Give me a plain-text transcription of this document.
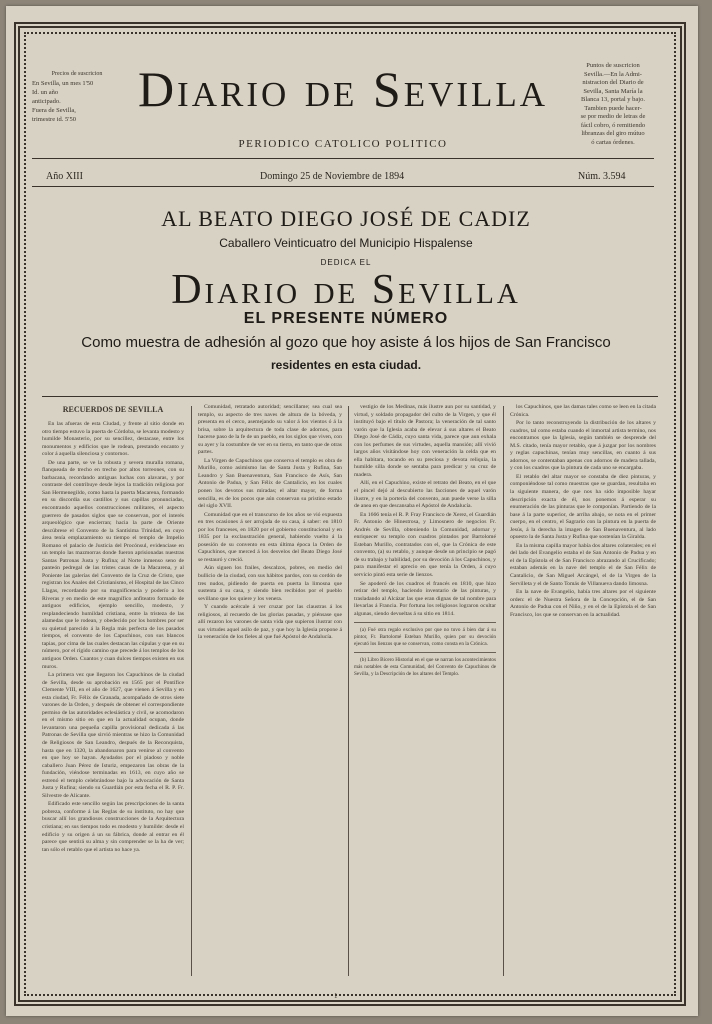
Precios de suscricion
En Sevilla, un mes 1'50
Id. un año
anticipado.
Fuera de Sevilla,
trimestre id. 5'50
Diario de Sevilla
PERIODICO CATOLICO POLITICO
Puntos de suscricion
Sevilla.—En la Admi-
nistracion del Diario de
Sevilla, Santa María la
Blanca 13, portal y bajo.
Tambien puede hacer-
se por medio de letras de
fácil cobro, ó remitiendo
libranzas del giro mútuo
ó cartas órdenes.
Año XIII	Domingo 25 de Noviembre de 1894	Núm. 3.594
AL BEATO DIEGO JOSÉ DE CADIZ
Caballero Veinticuatro del Municipio Hispalense
DEDICA EL
Diario de Sevilla
EL PRESENTE NÚMERO
Como muestra de adhesión al gozo que hoy asiste á los hijos de San Francisco
residentes en esta ciudad.

RECUERDOS DE SEVILLA

En las afueras de esta Ciudad, y frente al sitio donde en otro tiempo estuvo la puerta de Córdoba, se levanta modesto y humilde Monasterio, por su sencillez, destacase, entre los monumentos y edificios que le rodean, prestando encanto y color á aquella silenciosa y contornos.

De una parte, se ve la robusta y severa muralla romana, flanqueada de trecho en trecho por altos torreones, con su barbacana, recordando antiguas luchas con alavaras, y por contraste del contribuye desde lejos la tradición religiosa por San Hermenegildo, como hasta la puerta Macarena, formando en su discordia sus castillos y sus capillas pronunciadas, encontrando aquellos construcciones militares, el aspecto guerrero de pasados siglos que se conservan, por el interés arqueológico que encierran; hacia la parte de Oriente descúbrese el Convento de la Santísima Trinidad, en cuyo área tenía emplazamiento su tiempo el templo de Impelio Romano el palacio de Justicia del Procónsul, evidenciase en un templo las mazmorras donde fueron aprisionadas nuestras Santas Patronas Justa y Rufina; al Norte inmenso seno de panteón pedregal de las tristes casas de la Macarena, y al Poniente las galerías del Convento de la Cruz de Cristo, que registran los Anales del Cristianismo, el Hospital de las Cinco Llagas, recordando por su magnificencia y poderío a los Riveras y en medio de este magnífico anfiteatro formado de antiguos edificios, ejemplo sencillo, modesto, y resplandeciendo humildad cristiana, entre la tristeza de las alamedas que le rodean, y obedecido por los hombres por ser su quietud parecido á la Regla más perfecta de los pasados tiempos, el convento de los Capuchinos, con sus blancos tapias, por cima de las cuales destacan las cúpulas y que en su número, por el rígido camino que precede á los templos de los antiguos Orden. Cuantos y cuan dulces tiempos existen en sus muros.

La primera vez que llegaron los Capuchinos de la ciudad de Sevilla, desde su aprobación en 1565 por el Pontífice Clemente VIII, en el año de 1627, que vienen á Sevilla y en esta ciudad, Fr. Félix de Granada, acompañado de otros siete varones de la Orden, y después de obtener el correspondiente permiso de las autoridades eclesiástica y civil, se acomodaron en el mismo sitio en que en la actualidad ocupan, donde levantaron una pequeña capilla provisional dedicada á las Patronas de Sevilla que sirvió mientras se hizo la Comunidad de Religiosos de San Leandro, después de la Reconquista, hasta que en 1320, la abandonaron para venirse al convento en que hoy se hayan. Ayudados por el piadoso y noble caballero Juan Pérez de Isturiz, empezaron las obras de la fundación, viéndose terminadas en 1613, en cuyo año se estrenó el templo celebrándose bajo la advocación de Santa Justa y Rufina; siendo su Guardián por esta fecha el R. P. Fr. Silvestre de Alicante.

Edificado este sencillo según las prescripciones de la santa pobreza, conforme á las Reglas de su instituto, no hay que buscar allí los grandiosos construcciones de la Arquitectura cristiana; en sus tiempos todo es modesto y humilde: desde el edificio y su origen á un su fábrica, donde al entrar en él parece que sentirá su alma y sin comprender se la ha de ver; tan sólo el retablo que el artista no hace ya.

Comunidad, retratado autoridad; sencillame; sea cual sea templo, su aspecto de tres naves de altura de la bóveda, y presenta en el cerco, asemejando su valor á los vientos ó á la brisa, sobre la arquitectura de toda clase de adornos, para hacerse paso de la fe de un pueblo, en los siglos que viven, con su ayer y la costumbre de ver en su tierra, en tanto que de otras partes.

La Virgen de Capuchinos que conserva el templo es obra de Murillo, como asimismo las de Santa Justa y Rufina, San Leandro y San Buenaventura, San Francisco de Asís, San Antonio de Padua, y San Félix de Cantalicio, en los cuales ponen los devotos sus miradas; el altar mayor, de forma sencilla, es de los pocos que aún conservan su pristino estado del siglo XVII.

Comunidad que en el transcurso de los años se vió expuesta en tres ocasiones á ser arrojada de su casa, á saber: en 1810 por los franceses, en 1820 por el gobierno constitucional y en 1835 por la exclaustración general, habiendo vuelto á la posesión de su convento en esta última época la Orden de Capuchinos, que merced á los desvelos del Beato Diego José se restauró y creció.

Aún siguen los frailes, descalzos, pobres, en medio del bullicio de la ciudad, con sus hábitos pardos, con su cordón de tres nudos, pidiendo de puerta en puerta la limosna que sustenta á su casa, y siendo bien recibidos por el pueblo sevillano que los quiere y los venera.

Y cuando acércale á ver cruzar por las claustras á los religiosos, al recuerdo de las glorias pasadas, y piénsase que allí rezaron los varones de santa vida que supieron ilustrar con sus virtudes aquel asilo de paz, y que hoy la Iglesia propone á la veneración de los fieles al que fué Apóstol de Andalucía.

vestigio de los Medinas, más ilustre aun por su santidad, y virtud, y soldado propagador del culto de la Virgen, y que él instituyó bajo el título de Pastora; la veneración de tal santo varón que la Iglesia acaba de elevar á sus altares el Beato Diego José de Cádiz, cuyo santa vida, parece que aun exhala con los perfumes de sus virtudes, aquella mansión; allí vivió largos años visitándose hoy con veneración la celda que en ella habitara, tocando en su preciosa y devota reliquia, la humilde silla donde se sentaba para predicar y su cruz de madera.

Allí, en el Capuchino, existe el retrato del Beato, en el que el pincel dejó al descubierto las facciones de aquel varón ilustre, y en la portería del convento, aun puede verse la silla de anea en que descansaba el Apóstol de Andalucía.

En 1666 tenía el R. P. Fray Francisco de Xerez, el Guardián Fr. Antonio de Hinestrosa, y Limosnero de negocios Fr. Andrés de Sevilla, obteniendo la Comunidad, adornar y enriquecer su templo con cuadros pintados por Bartolomé Esteban Murillo, contratados con el, que la Crónica de este convento, (a) su retablo, y aunque desde un principio se pagó de su trabajo y habilidad, por su devoción á los Capuchinos, y para manifestar el aprecio en que tenía la Orden, á cuyo servicio pintó esta serie de lienzos.

Se apoderó de los cuadros el francés en 1810, que hizo retirar del templo, haciendo inventario de las pinturas, y trasladando al Alcázar las que eran dignas de tal nombre para llevarlas á Francia. Por fortuna los religiosos lograron ocultar algunas, siendo devueltas á su sitio en 1814.

(a) Fué otra regalo exclusivo por que no tuvo á bien dar á su pintor, Fr. Bartolomé Esteban Murillo, quien por su devoción ejecutó los lienzos que se conservan, como consta en la Crónica.

(b) Libro Bicero Historial en el que se narran los acontecimientos más notables de esta Comunidad, del Convento de Capuchinos de Sevilla, y la Descripción de los altares del Templo.

los Capuchinos, que las damas tales como se leen en la citada Crónica.

Por lo tanto reconstruyendo la distribución de los altares y cuadros, tal como estaba cuando el inmortal artista termino, nos encontramos que la Iglesia, según también se desprende del M.S. citado, tenía mayor retablo, que á juzgar por los nombres y reglas capuchinas, tenían muy sencillas, en cuanto á sus adornos, se contentaban apenas con adornos de madera tallada, y con los cuadros que la pintura de cada uno se encargaba.

El retablo del altar mayor se constaba de diez pinturas, y componiéndose tal como muestras que se guardan, resultaba en la siguiente manera, de que nos ha sido imposible hayar descripción exacta de él, nos ponemos á esperar su enumeración de las pinturas que le componían. Partiendo de la base á la parte superior, de arriba abajo, se nota en el primer cuerpo, en el centro, el Sagrario con la pintura en la puerta de Jesús, á la derecha la imagen de San Buenaventura, al lado opuesto la de Santa Justa y Rufina que sostenían la Giralda.

En la misma capilla mayor había dos altares colaterales; en el del lado del Evangelio estaba el de San Antonio de Padua y en el de la Epístola el de San Francisco abrazando al Crucificado; estaban además en la nave del templo el de San Félix de Cantalicio, de San Miguel Arcángel, el de la Virgen de la Servilleta y el de Santo Tomás de Villanueva dando limosna.

En la nave de Evangelio, había tres altares por el siguiente orden: el de Nuestra Señora de la Concepción, el de San Antonio de Padua con el Niño, y en el de la Epístola el de San Francisco, los que se conservan en la actualidad.

1
